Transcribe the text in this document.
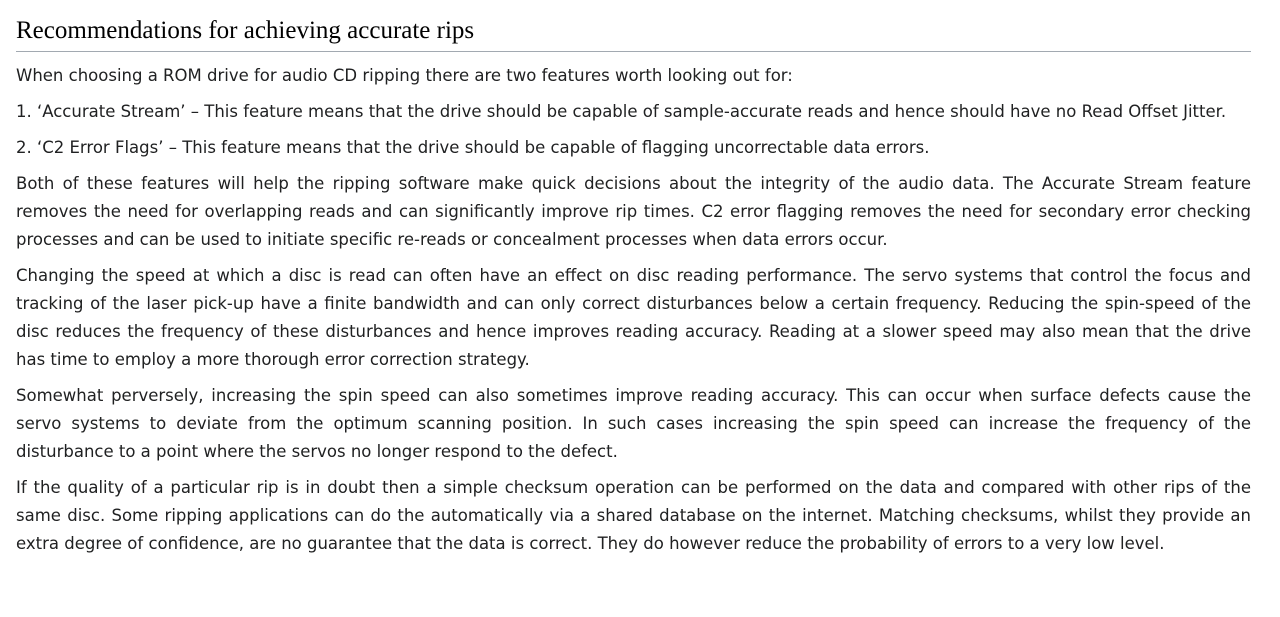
Recommendations for achieving accurate rips

When choosing a ROM drive for audio CD ripping there are two features worth looking out for:

1. ‘Accurate Stream’ – This feature means that the drive should be capable of sample-accurate reads and hence should have no Read Offset Jitter.

2. ‘C2 Error Flags’ – This feature means that the drive should be capable of flagging uncorrectable data errors.

Both of these features will help the ripping software make quick decisions about the integrity of the audio data. The Accurate Stream feature removes the need for overlapping reads and can significantly improve rip times. C2 error flagging removes the need for secondary error checking processes and can be used to initiate specific re-reads or concealment processes when data errors occur.

Changing the speed at which a disc is read can often have an effect on disc reading performance. The servo systems that control the focus and tracking of the laser pick-up have a finite bandwidth and can only correct disturbances below a certain frequency. Reducing the spin-speed of the disc reduces the frequency of these disturbances and hence improves reading accuracy. Reading at a slower speed may also mean that the drive has time to employ a more thorough error correction strategy.

Somewhat perversely, increasing the spin speed can also sometimes improve reading accuracy. This can occur when surface defects cause the servo systems to deviate from the optimum scanning position. In such cases increasing the spin speed can increase the frequency of the disturbance to a point where the servos no longer respond to the defect.

If the quality of a particular rip is in doubt then a simple checksum operation can be performed on the data and compared with other rips of the same disc. Some ripping applications can do the automatically via a shared database on the internet. Matching checksums, whilst they provide an extra degree of confidence, are no guarantee that the data is correct. They do however reduce the probability of errors to a very low level.
